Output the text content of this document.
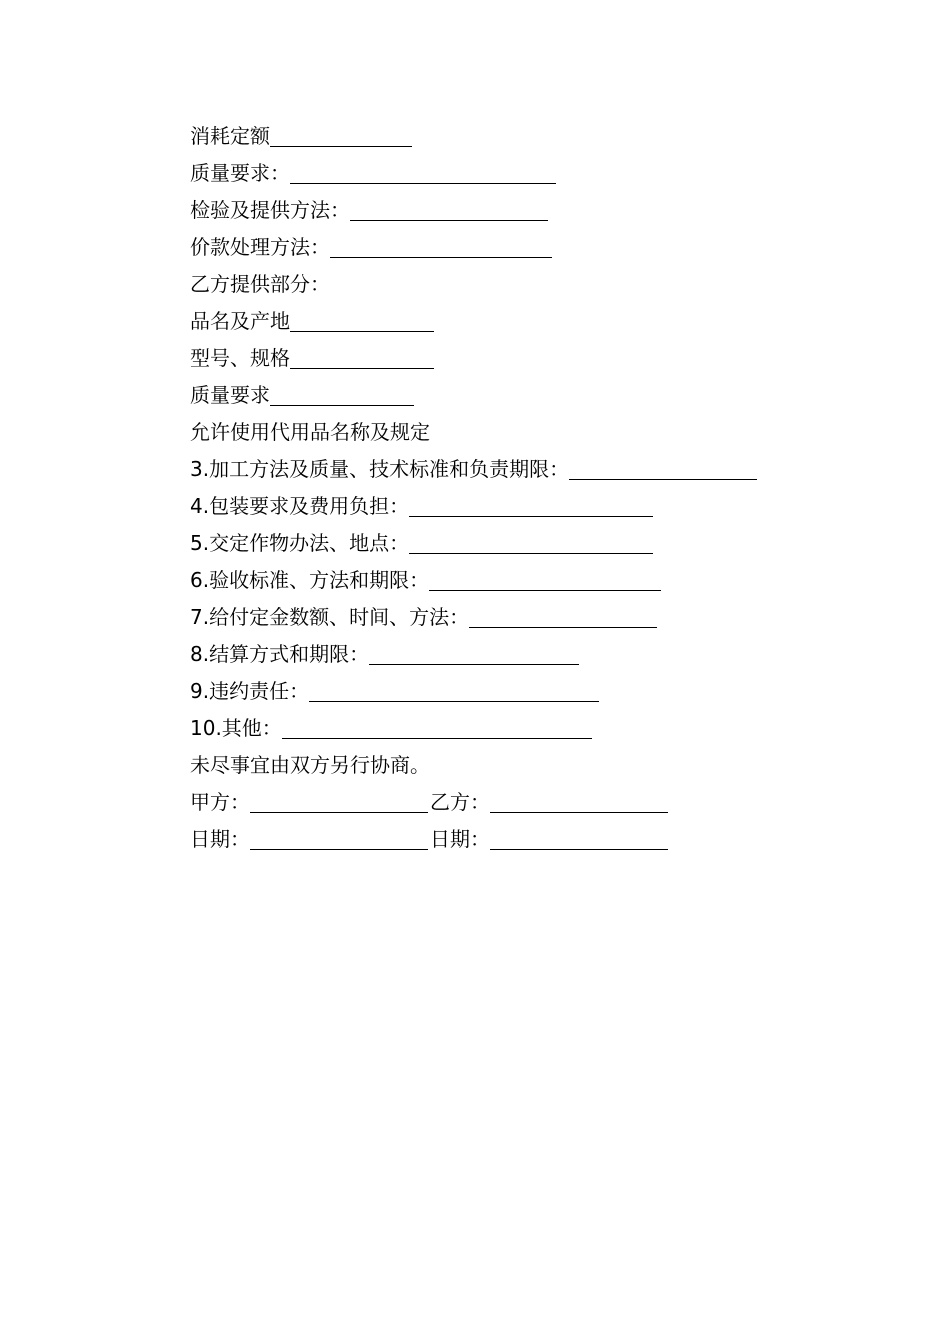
消耗定额
质量要求：
检验及提供方法：
价款处理方法：
乙方提供部分：
品名及产地
型号、规格
质量要求
允许使用代用品名称及规定
3.加工方法及质量、技术标准和负责期限：
4.包装要求及费用负担：
5.交定作物办法、地点：
6.验收标准、方法和期限：
7.给付定金数额、时间、方法：
8.结算方式和期限：
9.违约责任：
10.其他：
未尽事宜由双方另行协商。
甲方：	乙方：
日期：	日期：
